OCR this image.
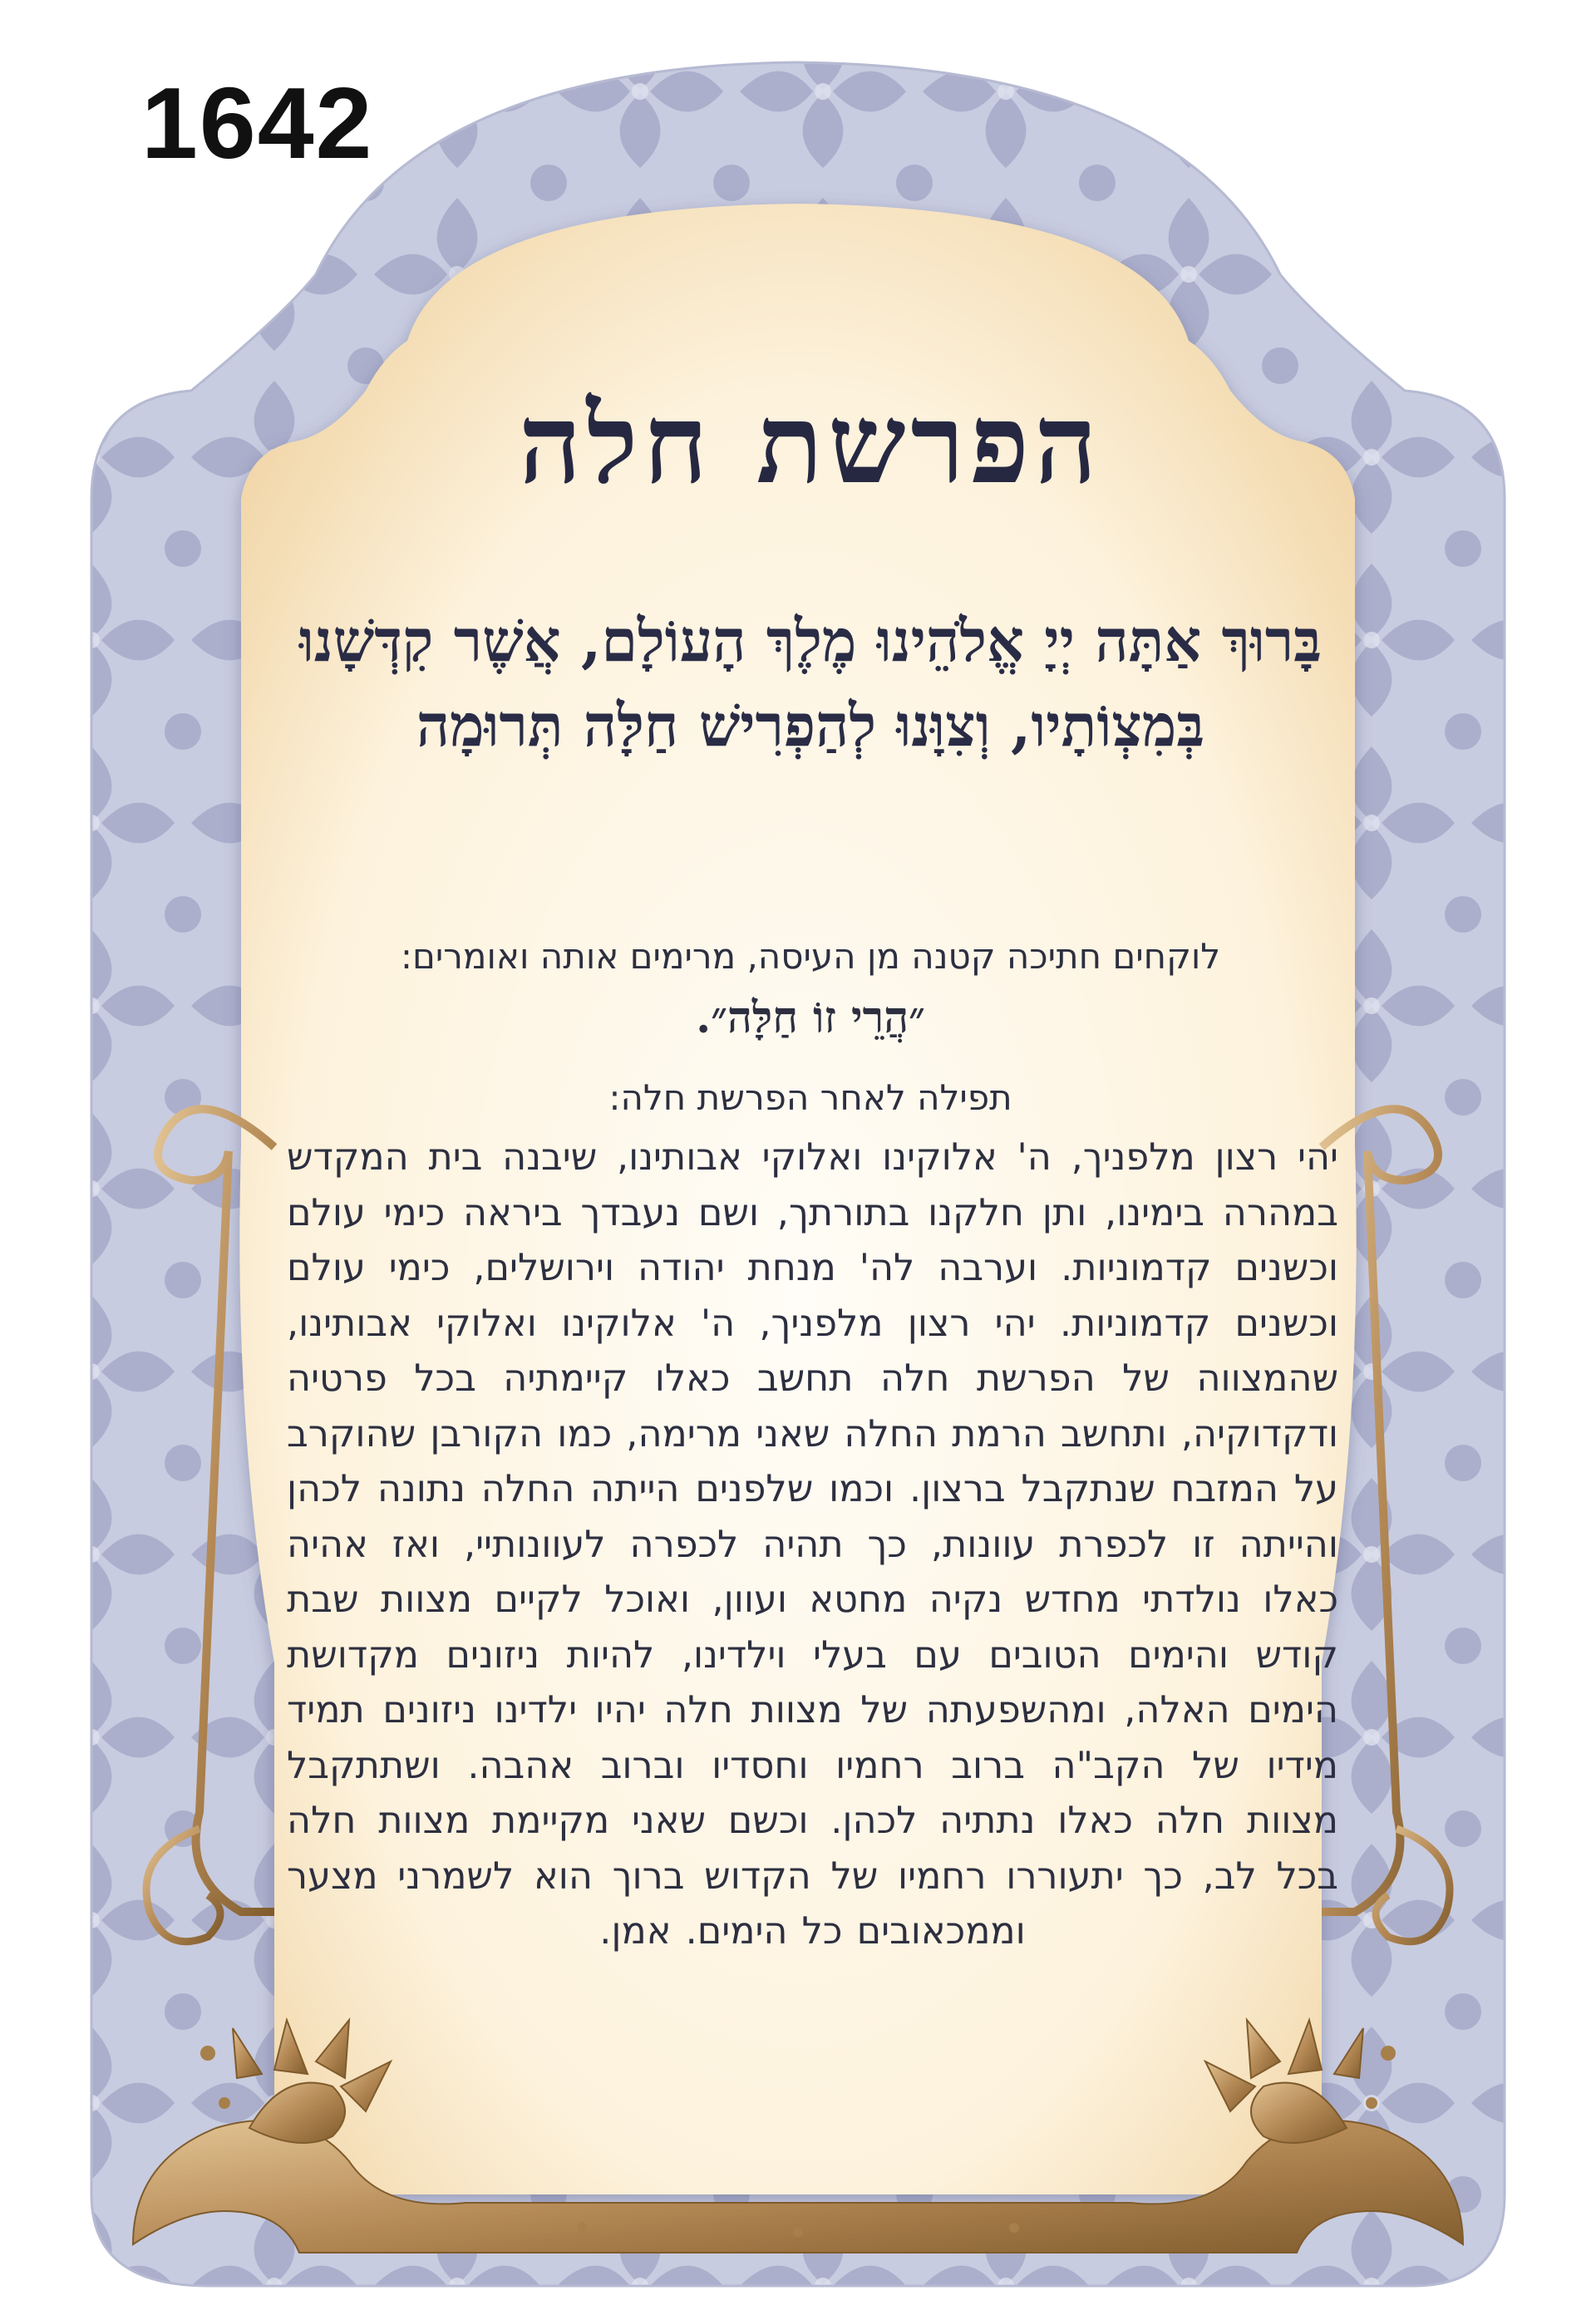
1642
הפרשת חלה
בָּרוּךְ אַתָּה יְיָ אֱלֹהֵינוּ מֶלֶךְ הָעוֹלָם, אֲשֶׁר קִדְּשָׁנוּ בְּמִצְוֹתָיו, וְצִוָּנוּ לְהַפְרִישׁ חַלָּה תְּרוּמָה
לוקחים חתיכה קטנה מן העיסה, מרימים אותה ואומרים:
״הֲרֵי זוֹ חַלָּה״.
תפילה לאחר הפרשת חלה:
יהי רצון מלפניך, ה' אלוקינו ואלוקי אבותינו, שיבנה בית המקדש במהרה בימינו, ותן חלקנו בתורתך, ושם נעבדך ביראה כימי עולם וכשנים קדמוניות. וערבה לה' מנחת יהודה וירושלים, כימי עולם וכשנים קדמוניות. יהי רצון מלפניך, ה' אלוקינו ואלוקי אבותינו, שהמצווה של הפרשת חלה תחשב כאלו קיימתיה בכל פרטיה ודקדוקיה, ותחשב הרמת החלה שאני מרימה, כמו הקורבן שהוקרב על המזבח שנתקבל ברצון. וכמו שלפנים הייתה החלה נתונה לכהן והייתה זו לכפרת עוונות, כך תהיה לכפרה לעוונותיי, ואז אהיה כאלו נולדתי מחדש נקיה מחטא ועוון, ואוכל לקיים מצוות שבת קודש והימים הטובים עם בעלי וילדינו, להיות ניזונים מקדושת הימים האלה, ומהשפעתה של מצוות חלה יהיו ילדינו ניזונים תמיד מידיו של הקב"ה ברוב רחמיו וחסדיו וברוב אהבה. ושתתקבל מצוות חלה כאלו נתתיה לכהן. וכשם שאני מקיימת מצוות חלה בכל לב, כך יתעוררו רחמיו של הקדוש ברוך הוא לשמרני מצער וממכאובים כל הימים. אמן.
